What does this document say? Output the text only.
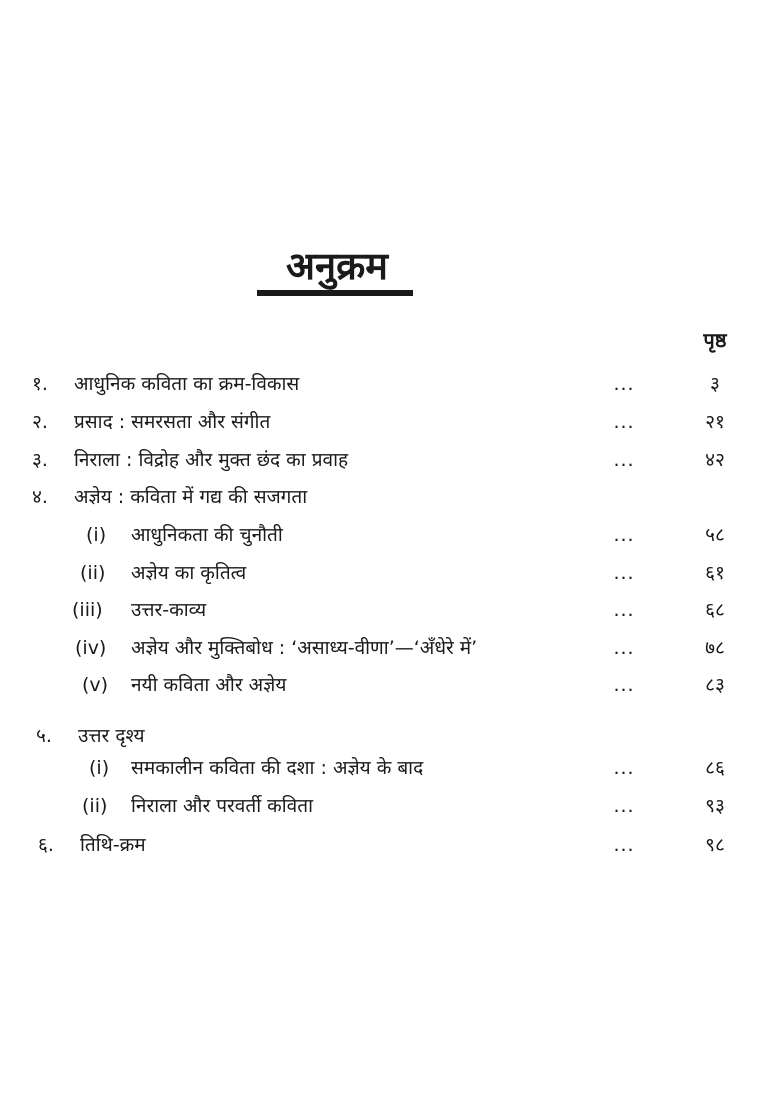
अनुक्रम
पृष्ठ
१. आधुनिक कविता का क्रम-विकास	...	३
२. प्रसाद : समरसता और संगीत	...	२१
३. निराला : विद्रोह और मुक्त छंद का प्रवाह	...	४२
४. अज्ञेय : कविता में गद्य की सजगता
(i) आधुनिकता की चुनौती	...	५८
(ii) अज्ञेय का कृतित्व	...	६१
(iii) उत्तर-काव्य	...	६८
(iv) अज्ञेय और मुक्तिबोध : ‘असाध्य-वीणा’—‘अँधेरे में’	...	७८
(v) नयी कविता और अज्ञेय	...	८३
५. उत्तर दृश्य
(i) समकालीन कविता की दशा : अज्ञेय के बाद	...	८६
(ii) निराला और परवर्ती कविता	...	९३
६. तिथि-क्रम	...	९८
